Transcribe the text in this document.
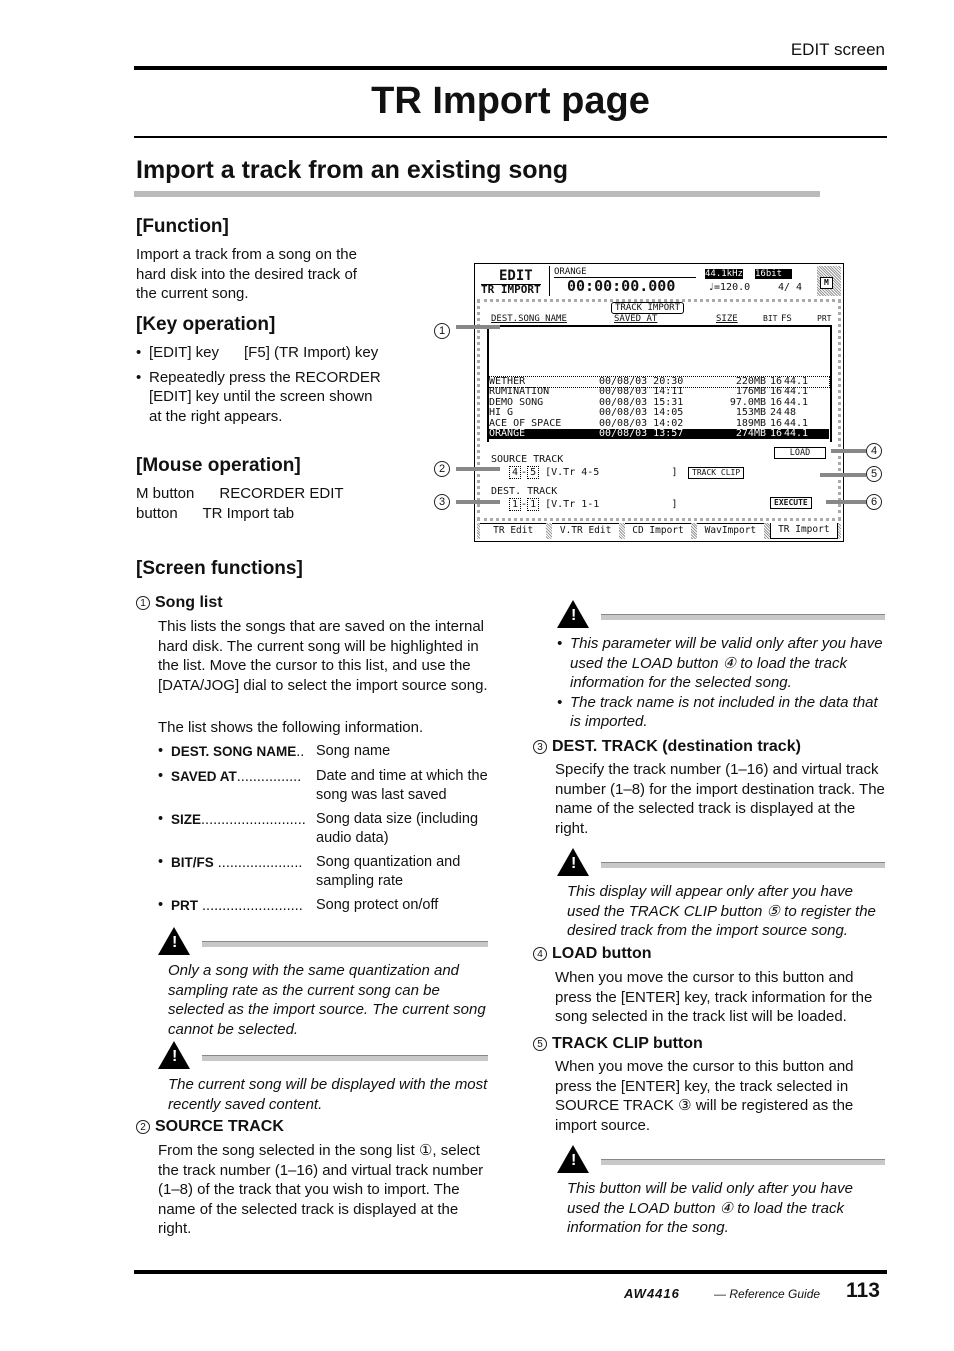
EDIT screen
TR Import page
Import a track from an existing song
[Function]

Import a track from a song on the hard disk into the desired track of the current song.

[Key operation]
• [EDIT] key      [F5] (TR Import) key
• Repeatedly press the RECORDER [EDIT] key until the screen shown at the right appears.
[Mouse operation]

M button      RECORDER EDIT button      TR Import tab

EDIT
TR IMPORT
ORANGE
00:00:00.000
44.1kHz 16bit
♩=120.0	4/ 4	M
TRACK IMPORT
DEST.SONG NAME	SAVED AT	SIZE	BIT FS	PRT
WETHER	00/08/03 20:30	220MB 16 44.1
RUMINATION	00/08/03 14:11	176MB 16 44.1
DEMO SONG	00/08/03 15:31	97.0MB 16 44.1
HI G	00/08/03 14:05	153MB 24 48
ACE OF SPACE	00/08/03 14:02	189MB 16 44.1
ORANGE	00/08/03 13:57	274MB 16 44.1
LOAD
SOURCE TRACK
4 - 5 [V.Tr 4-5            ]	TRACK CLIP
DEST. TRACK
1 - 1 [V.Tr 1-1            ]	EXECUTE
TR Edit	V.TR Edit	CD Import	WavImport	TR Import
1
2
3
4
5
6
[Screen functions]
1 Song list

This lists the songs that are saved on the internal hard disk. The current song will be highlighted in the list. Move the cursor to this list, and use the [DATA/JOG] dial to select the import source song.

The list shows the following information.

• DEST. SONG NAME.. Song name
• SAVED AT................	Date and time at which the song was last saved
• SIZE.......................... Song data size (including audio data)
• BIT/FS ..................... Song quantization and sampling rate
• PRT ......................... Song protect on/off
!
Only a song with the same quantization and sampling rate as the current song can be selected as the import source. The current song cannot be selected.
!
The current song will be displayed with the most recently saved content.
2 SOURCE TRACK

From the song selected in the song list ①, select the track number (1–16) and virtual track number (1–8) of the track that you wish to import. The name of the selected track is displayed at the right.

!
• This parameter will be valid only after you have used the LOAD button ④ to load the track information for the selected song.
• The track name is not included in the data that is imported.
3 DEST. TRACK (destination track)

Specify the track number (1–16) and virtual track number (1–8) for the import destination track. The name of the selected track is displayed at the right.

!
This display will appear only after you have used the TRACK CLIP button ⑤ to register the desired track from the import source song.
4 LOAD button

When you move the cursor to this button and press the [ENTER] key, track information for the song selected in the track list will be loaded.

5 TRACK CLIP button

When you move the cursor to this button and press the [ENTER] key, the track selected in SOURCE TRACK ③ will be registered as the import source.

!
This button will be valid only after you have used the LOAD button ④ to load the track information for the song.
AW4416	— Reference Guide 113
